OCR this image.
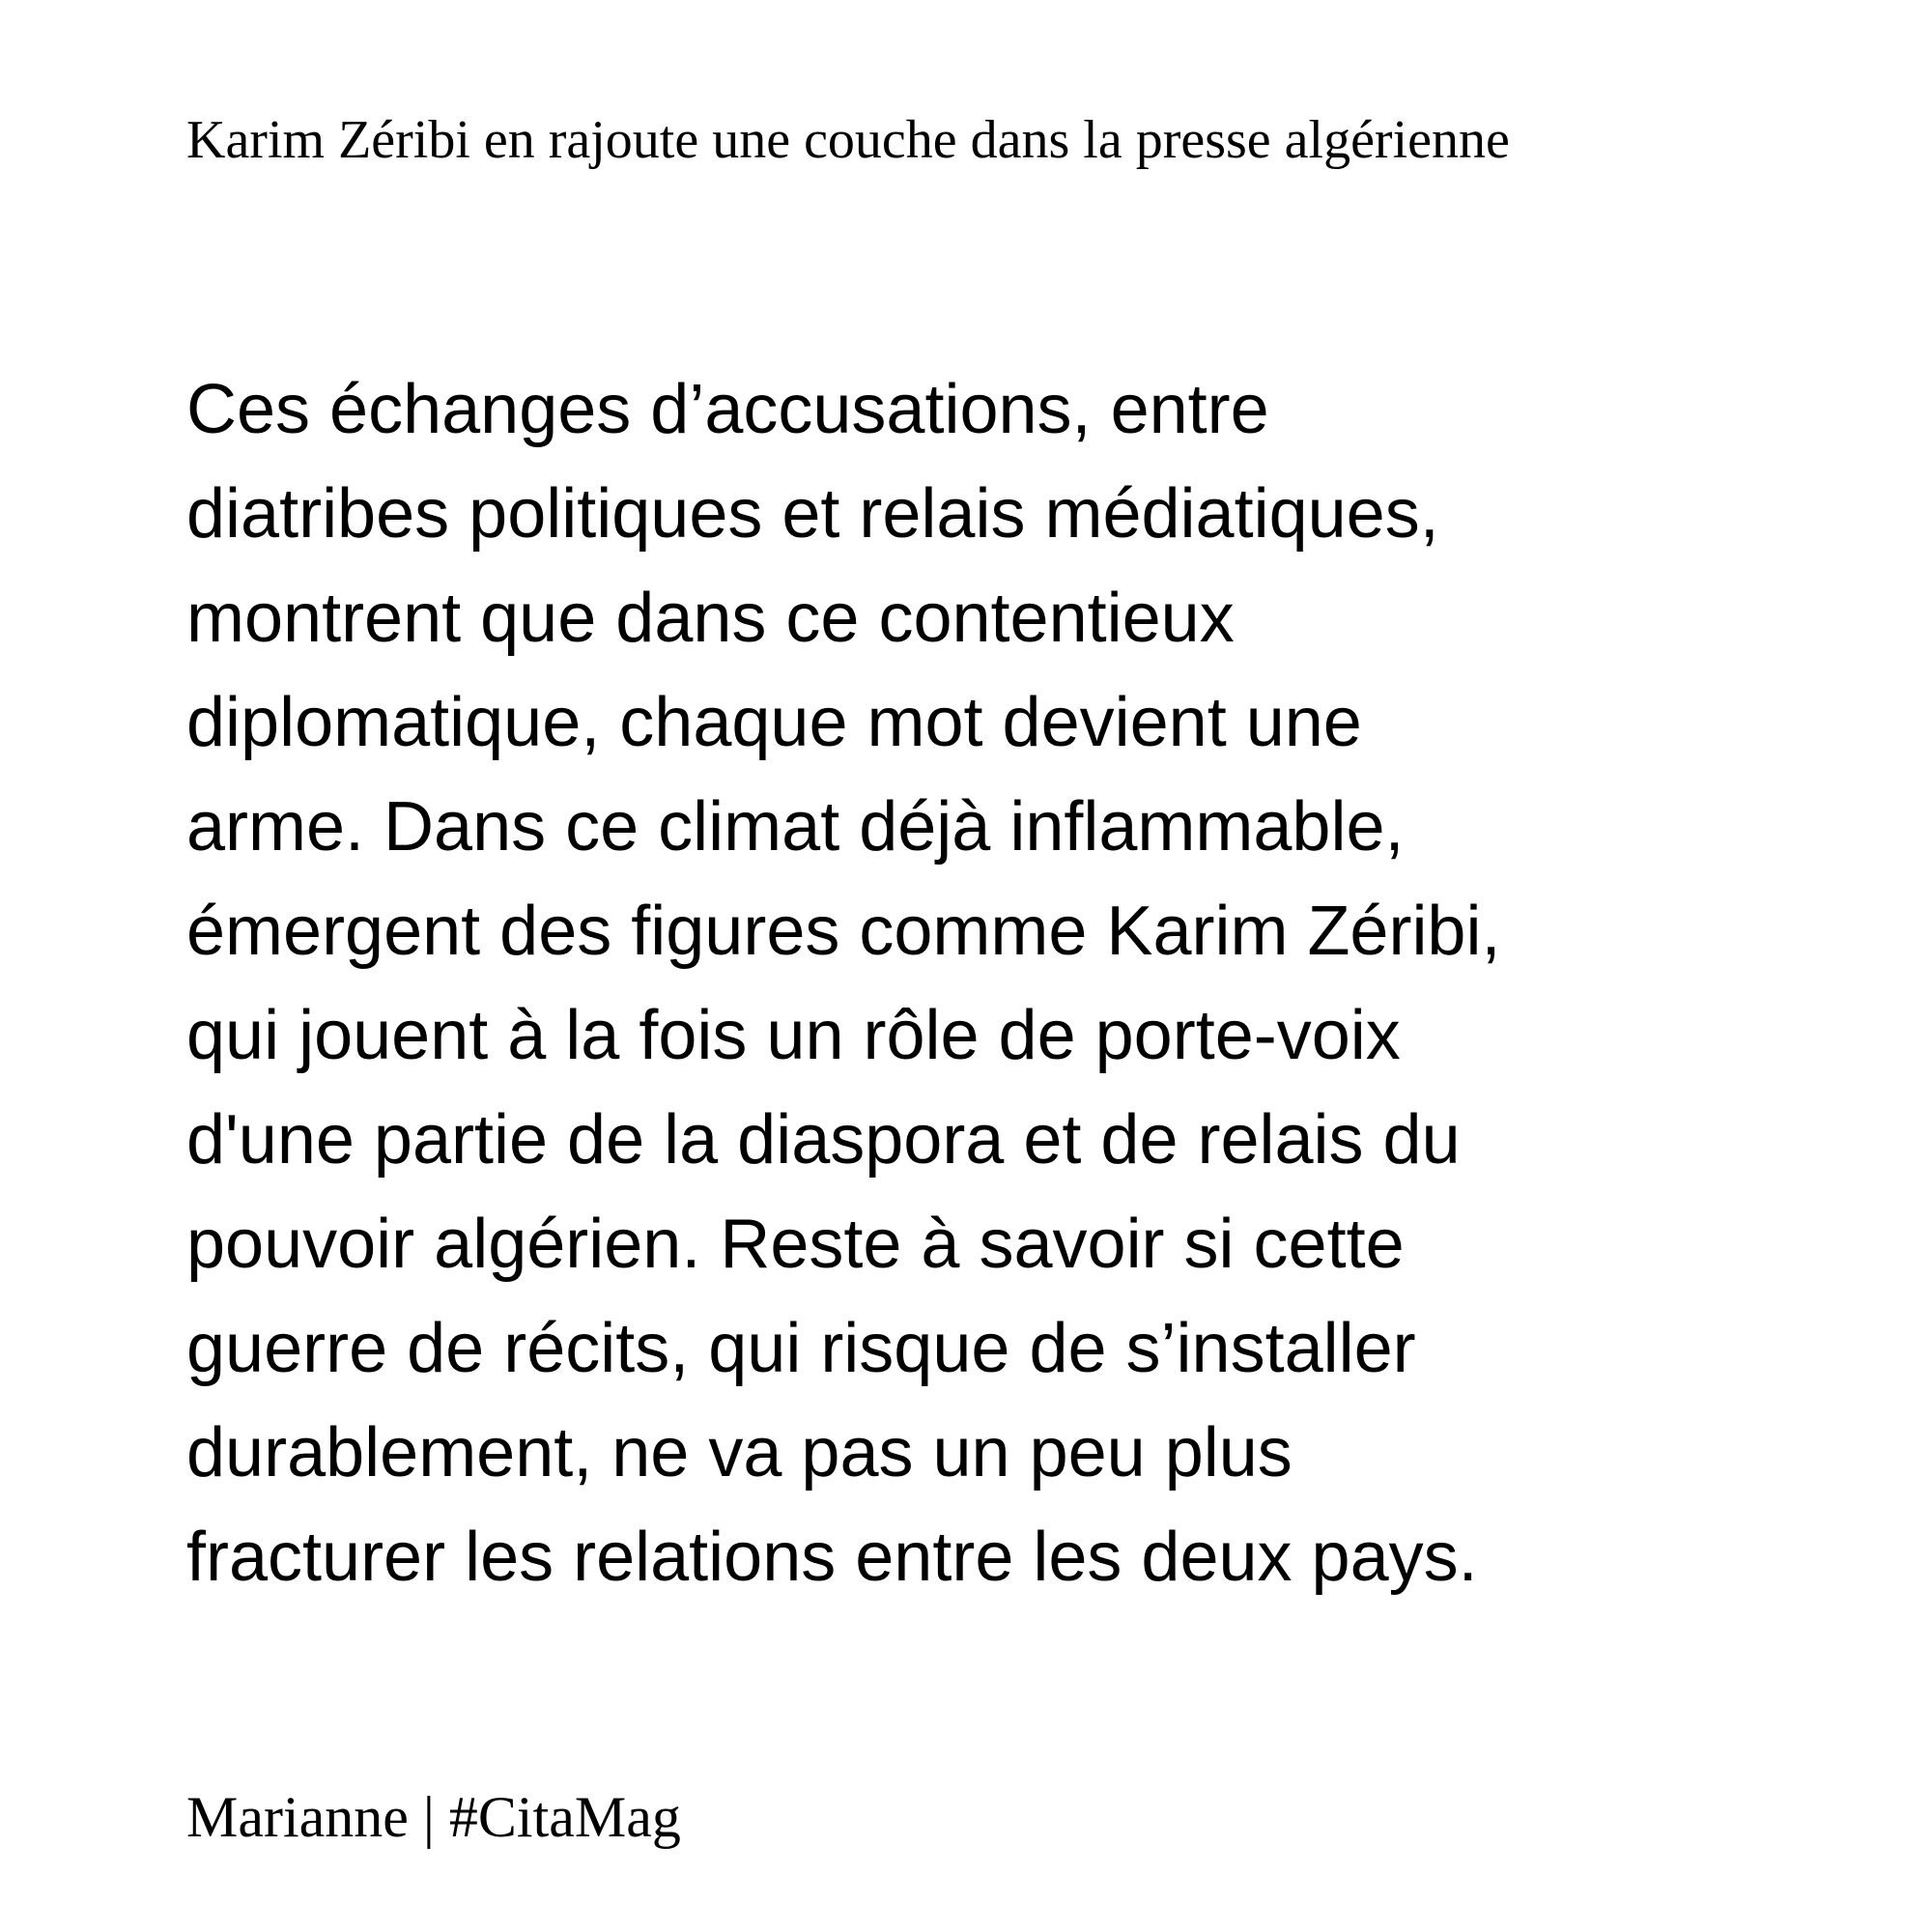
Karim Zéribi en rajoute une couche dans la presse algérienne
Ces échanges d’accusations, entre
diatribes politiques et relais médiatiques,
montrent que dans ce contentieux
diplomatique, chaque mot devient une
arme. Dans ce climat déjà inflammable,
émergent des figures comme Karim Zéribi,
qui jouent à la fois un rôle de porte-voix
d'une partie de la diaspora et de relais du
pouvoir algérien. Reste à savoir si cette
guerre de récits, qui risque de s’installer
durablement, ne va pas un peu plus
fracturer les relations entre les deux pays.
Marianne | #CitaMag
